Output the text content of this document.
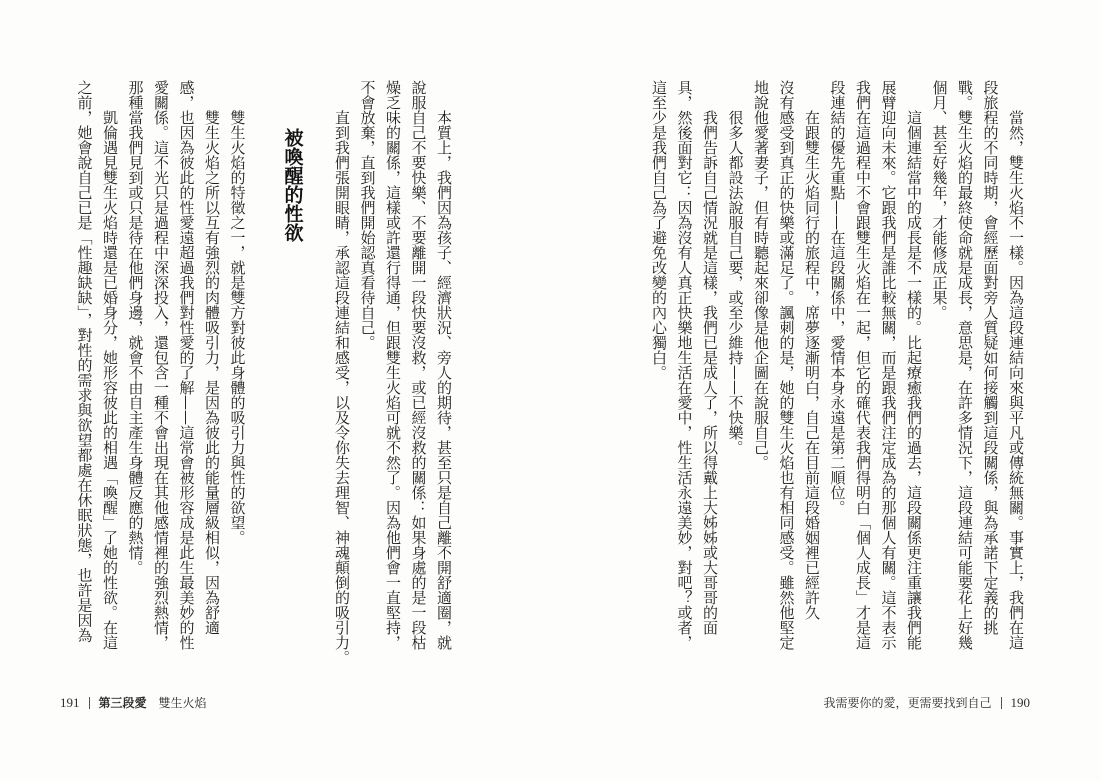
當然，雙生火焰不一樣。因為這段連結向來與平凡或傳統無關。事實上，我們在這
段旅程的不同時期，會經歷面對旁人質疑如何接觸到這段關係，與為承諾下定義的挑
戰。雙生火焰的最終使命就是成長，意思是，在許多情況下，這段連結可能要花上好幾
個月、甚至好幾年，才能修成正果。
這個連結當中的成長是不一樣的。比起療癒我們的過去，這段關係更注重讓我們能
展臂迎向未來。它跟我們是誰比較無關，而是跟我們注定成為的那個人有關。這不表示
我們在這過程中不會跟雙生火焰在一起，但它的確代表我們得明白「個人成長」才是這
段連結的優先重點——在這段關係中，愛情本身永遠是第二順位。
在跟雙生火焰同行的旅程中，席夢逐漸明白，自己在目前這段婚姻裡已經許久
沒有感受到真正的快樂或滿足了。諷刺的是，她的雙生火焰也有相同感受。雖然他堅定
地說他愛著妻子，但有時聽起來卻像是他企圖在說服自己。
很多人都設法說服自己要，或至少維持——不快樂。
我們告訴自己情況就是這樣，我們已是成人了，所以得戴上大姊姊或大哥哥的面
具，然後面對它：因為沒有人真正快樂地生活在愛中，性生活永遠美妙，對吧？或者，
這至少是我們自己為了避免改變的內心獨白。
我需要你的愛，更需要找到自己 190
本質上，我們因為孩子、經濟狀況、旁人的期待，甚至只是自己離不開舒適圈，就
說服自己不要快樂、不要離開一段快要沒救，或已經沒救的關係：如果身處的是一段枯
燥乏味的關係，這樣或許還行得通，但跟雙生火焰可就不然了。因為他們會一直堅持，
不會放棄，直到我們開始認真看待自己。
直到我們張開眼睛，承認這段連結和感受，以及令你失去理智、神魂顛倒的吸引力。
被喚醒的性欲
雙生火焰的特徵之一，就是雙方對彼此身體的吸引力與性的欲望。
雙生火焰之所以互有強烈的肉體吸引力，是因為彼此的能量層級相似，因為舒適
感，也因為彼此的性愛遠超過我們對性愛的了解——這常會被形容成是此生最美妙的性
愛關係。這不光只是過程中深深投入，還包含一種不會出現在其他感情裡的強烈熱情，
那種當我們見到或只是待在他們身邊，就會不由自主產生身體反應的熱情。
凱倫遇見雙生火焰時還是已婚身分，她形容彼此的相遇「喚醒」了她的性欲。在這
之前，她會說自己已是「性趣缺缺」，對性的需求與欲望都處在休眠狀態，也許是因為
191 第三段愛 雙生火焰
